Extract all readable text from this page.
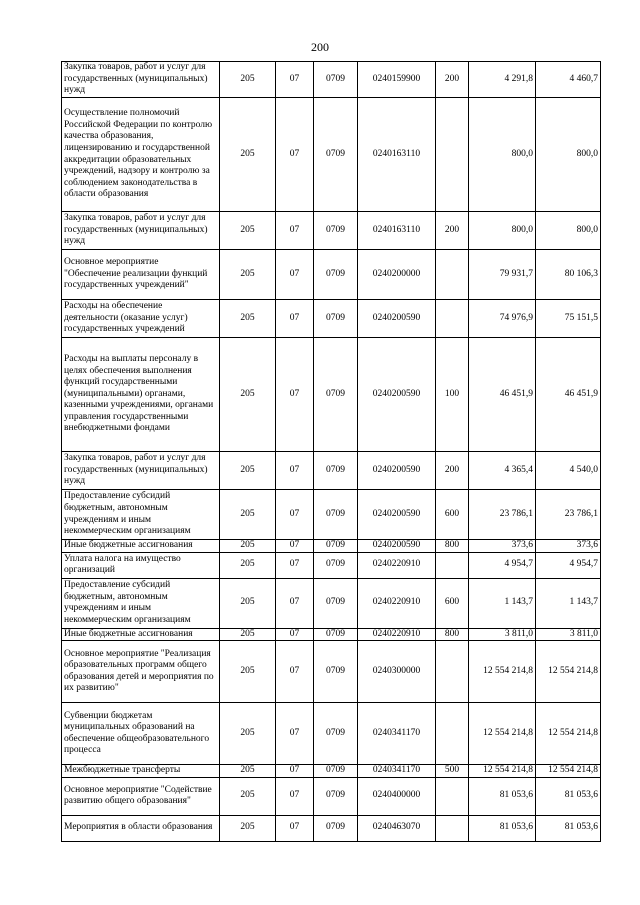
200
Закупка товаров, работ и услуг для государственных (муниципальных) нужд	205	07	0709	0240159900	200	4 291,8	4 460,7
Осуществление полномочий Российской Федерации по контролю качества образования, лицензированию и государственной аккредитации образовательных учреждений, надзору и контролю за соблюдением законодательства в области образования	205	07	0709	0240163110		800,0	800,0
Закупка товаров, работ и услуг для государственных (муниципальных) нужд	205	07	0709	0240163110	200	800,0	800,0
Основное мероприятие "Обеспечение реализации функций государственных учреждений"	205	07	0709	0240200000		79 931,7	80 106,3
Расходы на обеспечение деятельности (оказание услуг) государственных учреждений	205	07	0709	0240200590		74 976,9	75 151,5
Расходы на выплаты персоналу в целях обеспечения выполнения функций государственными (муниципальными) органами, казенными учреждениями, органами управления государственными внебюджетными фондами	205	07	0709	0240200590	100	46 451,9	46 451,9
Закупка товаров, работ и услуг для государственных (муниципальных) нужд	205	07	0709	0240200590	200	4 365,4	4 540,0
Предоставление субсидий бюджетным, автономным учреждениям и иным некоммерческим организациям	205	07	0709	0240200590	600	23 786,1	23 786,1
Иные бюджетные ассигнования	205	07	0709	0240200590	800	373,6	373,6
Уплата налога на имущество организаций	205	07	0709	0240220910		4 954,7	4 954,7
Предоставление субсидий бюджетным, автономным учреждениям и иным некоммерческим организациям	205	07	0709	0240220910	600	1 143,7	1 143,7
Иные бюджетные ассигнования	205	07	0709	0240220910	800	3 811,0	3 811,0
Основное мероприятие "Реализация образовательных программ общего образования детей и мероприятия по их развитию"	205	07	0709	0240300000		12 554 214,8	12 554 214,8
Субвенции бюджетам муниципальных образований на обеспечение общеобразовательного процесса	205	07	0709	0240341170		12 554 214,8	12 554 214,8
Межбюджетные трансферты	205	07	0709	0240341170	500	12 554 214,8	12 554 214,8
Основное мероприятие "Содействие развитию общего образования"	205	07	0709	0240400000		81 053,6	81 053,6
Мероприятия в области образования	205	07	0709	0240463070		81 053,6	81 053,6
